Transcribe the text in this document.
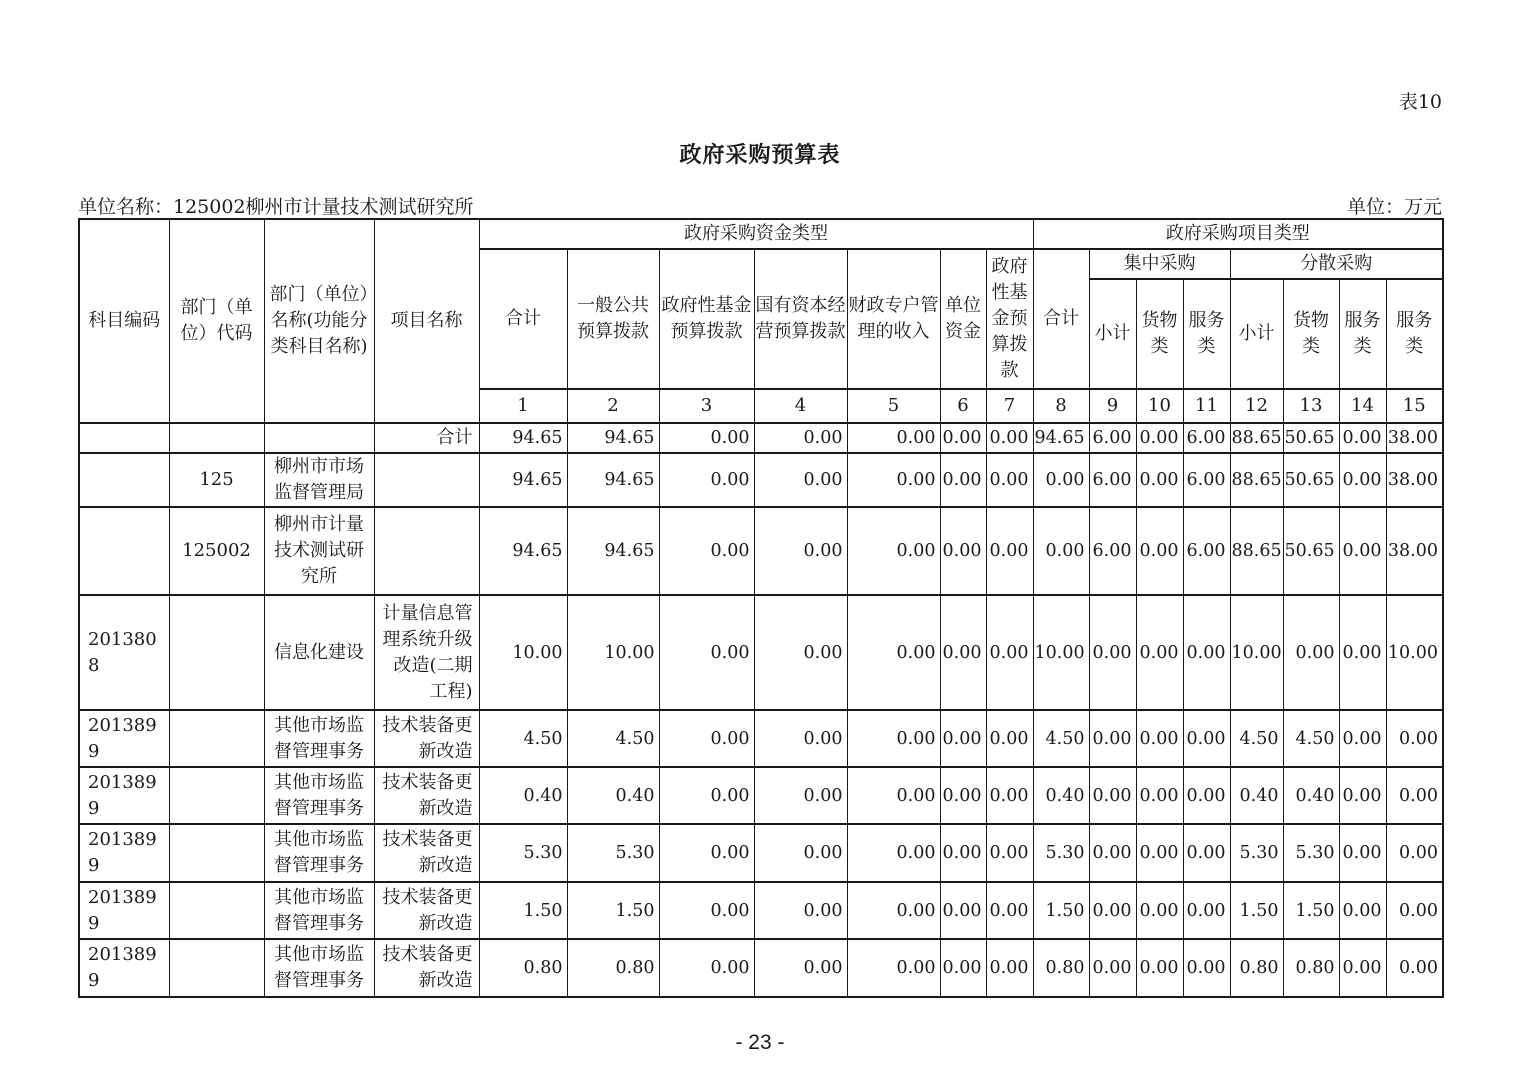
表10
政府采购预算表
单位名称：125002柳州市计量技术测试研究所	单位：万元
科目编码	部门（单位）代码	部门（单位）名称(功能分类科目名称)	项目名称	政府采购资金类型							政府采购项目类型							
				合计	一般公共预算拨款	政府性基金预算拨款	国有资本经营预算拨款	财政专户管理的收入	单位资金	政府性基金预算拨款	合计	集中采购			分散采购			
												小计	货物类	服务类	小计	货物类	服务类	服务类
				1	2	3	4	5	6	7	8	9	10	11	12	13	14	15
			合计	94.65	94.65	0.00	0.00	0.00	0.00	0.00	94.65	6.00	0.00	6.00	88.65	50.65	0.00	38.00
	125	柳州市市场监督管理局		94.65	94.65	0.00	0.00	0.00	0.00	0.00	0.00	6.00	0.00	6.00	88.65	50.65	0.00	38.00
	125002	柳州市计量技术测试研究所		94.65	94.65	0.00	0.00	0.00	0.00	0.00	0.00	6.00	0.00	6.00	88.65	50.65	0.00	38.00
2013808		信息化建设	计量信息管理系统升级改造(二期工程)	10.00	10.00	0.00	0.00	0.00	0.00	0.00	10.00	0.00	0.00	0.00	10.00	0.00	0.00	10.00
2013899		其他市场监督管理事务	技术装备更新改造	4.50	4.50	0.00	0.00	0.00	0.00	0.00	4.50	0.00	0.00	0.00	4.50	4.50	0.00	0.00
2013899		其他市场监督管理事务	技术装备更新改造	0.40	0.40	0.00	0.00	0.00	0.00	0.00	0.40	0.00	0.00	0.00	0.40	0.40	0.00	0.00
2013899		其他市场监督管理事务	技术装备更新改造	5.30	5.30	0.00	0.00	0.00	0.00	0.00	5.30	0.00	0.00	0.00	5.30	5.30	0.00	0.00
2013899		其他市场监督管理事务	技术装备更新改造	1.50	1.50	0.00	0.00	0.00	0.00	0.00	1.50	0.00	0.00	0.00	1.50	1.50	0.00	0.00
2013899		其他市场监督管理事务	技术装备更新改造	0.80	0.80	0.00	0.00	0.00	0.00	0.00	0.80	0.00	0.00	0.00	0.80	0.80	0.00	0.00
- 23 -
